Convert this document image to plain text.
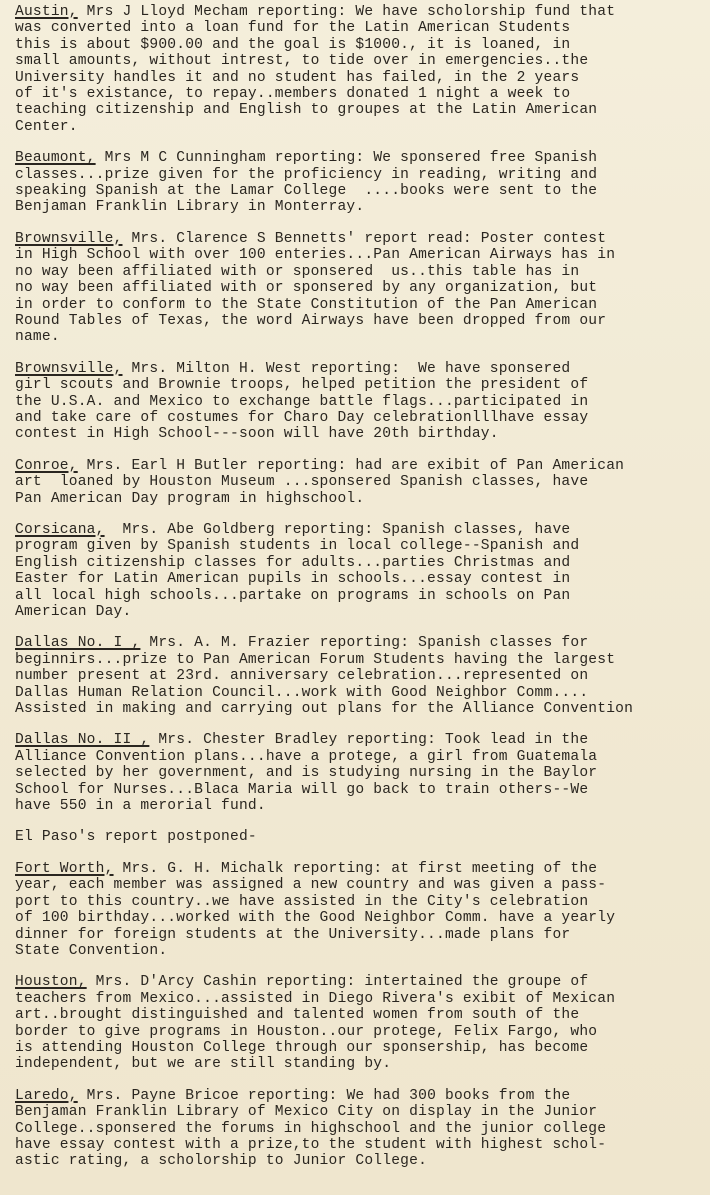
Austin, Mrs J Lloyd Mecham reporting: We have scholorship fund that
was converted into a loan fund for the Latin American Students
this is about $900.00 and the goal is $1000., it is loaned, in
small amounts, without intrest, to tide over in emergencies..the
University handles it and no student has failed, in the 2 years
of it's existance, to repay..members donated 1 night a week to
teaching citizenship and English to groupes at the Latin American
Center.
Beaumont, Mrs M C Cunningham reporting: We sponsered free Spanish
classes...prize given for the proficiency in reading, writing and
speaking Spanish at the Lamar College  ....books were sent to the
Benjaman Franklin Library in Monterray.
Brownsville, Mrs. Clarence S Bennetts' report read: Poster contest
in High School with over 100 enteries...Pan American Airways has in
no way been affiliated with or sponsered  us..this table has in
no way been affiliated with or sponsered by any organization, but
in order to conform to the State Constitution of the Pan American
Round Tables of Texas, the word Airways have been dropped from our
name.
Brownsville, Mrs. Milton H. West reporting:  We have sponsered
girl scouts and Brownie troops, helped petition the president of
the U.S.A. and Mexico to exchange battle flags...participated in
and take care of costumes for Charo Day celebrationlllhave essay
contest in High School---soon will have 20th birthday.
Conroe, Mrs. Earl H Butler reporting: had are exibit of Pan American
art  loaned by Houston Museum ...sponsered Spanish classes, have
Pan American Day program in highschool.
Corsicana,  Mrs. Abe Goldberg reporting: Spanish classes, have
program given by Spanish students in local college--Spanish and
English citizenship classes for adults...parties Christmas and
Easter for Latin American pupils in schools...essay contest in
all local high schools...partake on programs in schools on Pan
American Day.
Dallas No. I , Mrs. A. M. Frazier reporting: Spanish classes for
beginnirs...prize to Pan American Forum Students having the largest
number present at 23rd. anniversary celebration...represented on
Dallas Human Relation Council...work with Good Neighbor Comm....
Assisted in making and carrying out plans for the Alliance Convention
Dallas No. II , Mrs. Chester Bradley reporting: Took lead in the
Alliance Convention plans...have a protege, a girl from Guatemala
selected by her government, and is studying nursing in the Baylor
School for Nurses...Blaca Maria will go back to train others--We
have 550 in a merorial fund.
El Paso's report postponed-
Fort Worth, Mrs. G. H. Michalk reporting: at first meeting of the
year, each member was assigned a new country and was given a pass-
port to this country..we have assisted in the City's celebration
of 100 birthday...worked with the Good Neighbor Comm. have a yearly
dinner for foreign students at the University...made plans for
State Convention.
Houston, Mrs. D'Arcy Cashin reporting: intertained the groupe of
teachers from Mexico...assisted in Diego Rivera's exibit of Mexican
art..brought distinguished and talented women from south of the
border to give programs in Houston..our protege, Felix Fargo, who
is attending Houston College through our sponsership, has become
independent, but we are still standing by.
Laredo, Mrs. Payne Bricoe reporting: We had 300 books from the
Benjaman Franklin Library of Mexico City on display in the Junior
College..sponsered the forums in highschool and the junior college
have essay contest with a prize,to the student with highest schol-
astic rating, a scholorship to Junior College.
